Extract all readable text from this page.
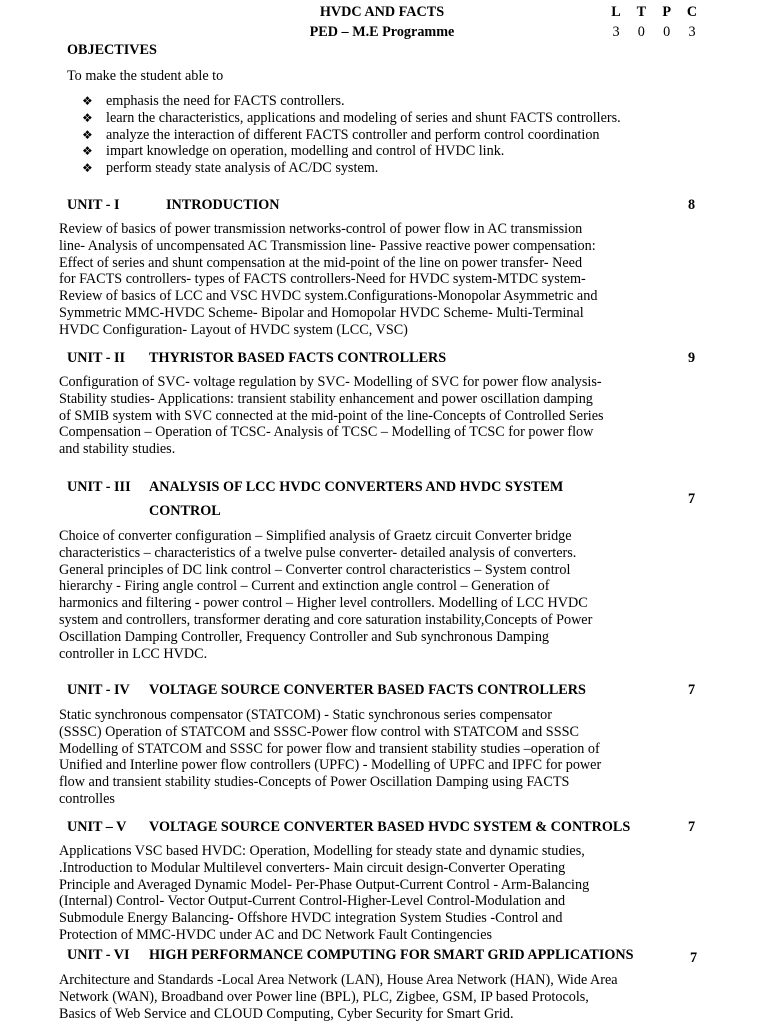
HVDC AND FACTS
PED – M.E Programme
L T P C
3 0 0 3
OBJECTIVES
To make the student able to
❖ emphasis the need for FACTS controllers.
❖ learn the characteristics, applications and modeling of series and shunt FACTS controllers.
❖ analyze the interaction of different FACTS controller and perform control coordination
❖ impart knowledge on operation, modelling and control of HVDC link.
❖ perform steady state analysis of AC/DC system.
UNIT - I	INTRODUCTION	8
Review of basics of power transmission networks-control of power flow in AC transmission
line- Analysis of uncompensated AC Transmission line- Passive reactive power compensation:
Effect of series and shunt compensation at the mid-point of the line on power transfer- Need
for FACTS controllers- types of FACTS controllers-Need for HVDC system-MTDC system-
Review of basics of LCC and VSC HVDC system.Configurations-Monopolar Asymmetric and
Symmetric MMC-HVDC Scheme- Bipolar and Homopolar HVDC Scheme- Multi-Terminal
HVDC Configuration- Layout of HVDC system (LCC, VSC)
UNIT - II THYRISTOR BASED FACTS CONTROLLERS	9
Configuration of SVC- voltage regulation by SVC- Modelling of SVC for power flow analysis-
Stability studies- Applications: transient stability enhancement and power oscillation damping
of SMIB system with SVC connected at the mid-point of the line-Concepts of Controlled Series
Compensation – Operation of TCSC- Analysis of TCSC – Modelling of TCSC for power flow
and stability studies.
UNIT - III ANALYSIS OF LCC HVDC CONVERTERS AND HVDC SYSTEM
CONTROL
7
Choice of converter configuration – Simplified analysis of Graetz circuit Converter bridge
characteristics – characteristics of a twelve pulse converter- detailed analysis of converters.
General principles of DC link control – Converter control characteristics – System control
hierarchy - Firing angle control – Current and extinction angle control – Generation of
harmonics and filtering - power control – Higher level controllers. Modelling of LCC HVDC
system and controllers, transformer derating and core saturation instability,Concepts of Power
Oscillation Damping Controller, Frequency Controller and Sub synchronous Damping
controller in LCC HVDC.
UNIT - IV VOLTAGE SOURCE CONVERTER BASED FACTS CONTROLLERS	7
Static synchronous compensator (STATCOM) - Static synchronous series compensator
(SSSC) Operation of STATCOM and SSSC-Power flow control with STATCOM and SSSC
Modelling of STATCOM and SSSC for power flow and transient stability studies –operation of
Unified and Interline power flow controllers (UPFC) - Modelling of UPFC and IPFC for power
flow and transient stability studies-Concepts of Power Oscillation Damping using FACTS
controlles
UNIT – V VOLTAGE SOURCE CONVERTER BASED HVDC SYSTEM & CONTROLS	7
Applications VSC based HVDC: Operation, Modelling for steady state and dynamic studies,
.Introduction to Modular Multilevel converters- Main circuit design-Converter Operating
Principle and Averaged Dynamic Model- Per-Phase Output-Current Control - Arm-Balancing
(Internal) Control- Vector Output-Current Control-Higher-Level Control-Modulation and
Submodule Energy Balancing- Offshore HVDC integration System Studies -Control and
Protection of MMC-HVDC under AC and DC Network Fault Contingencies
UNIT - VI HIGH PERFORMANCE COMPUTING FOR SMART GRID APPLICATIONS	7
Architecture and Standards -Local Area Network (LAN), House Area Network (HAN), Wide Area
Network (WAN), Broadband over Power line (BPL), PLC, Zigbee, GSM, IP based Protocols,
Basics of Web Service and CLOUD Computing, Cyber Security for Smart Grid.
